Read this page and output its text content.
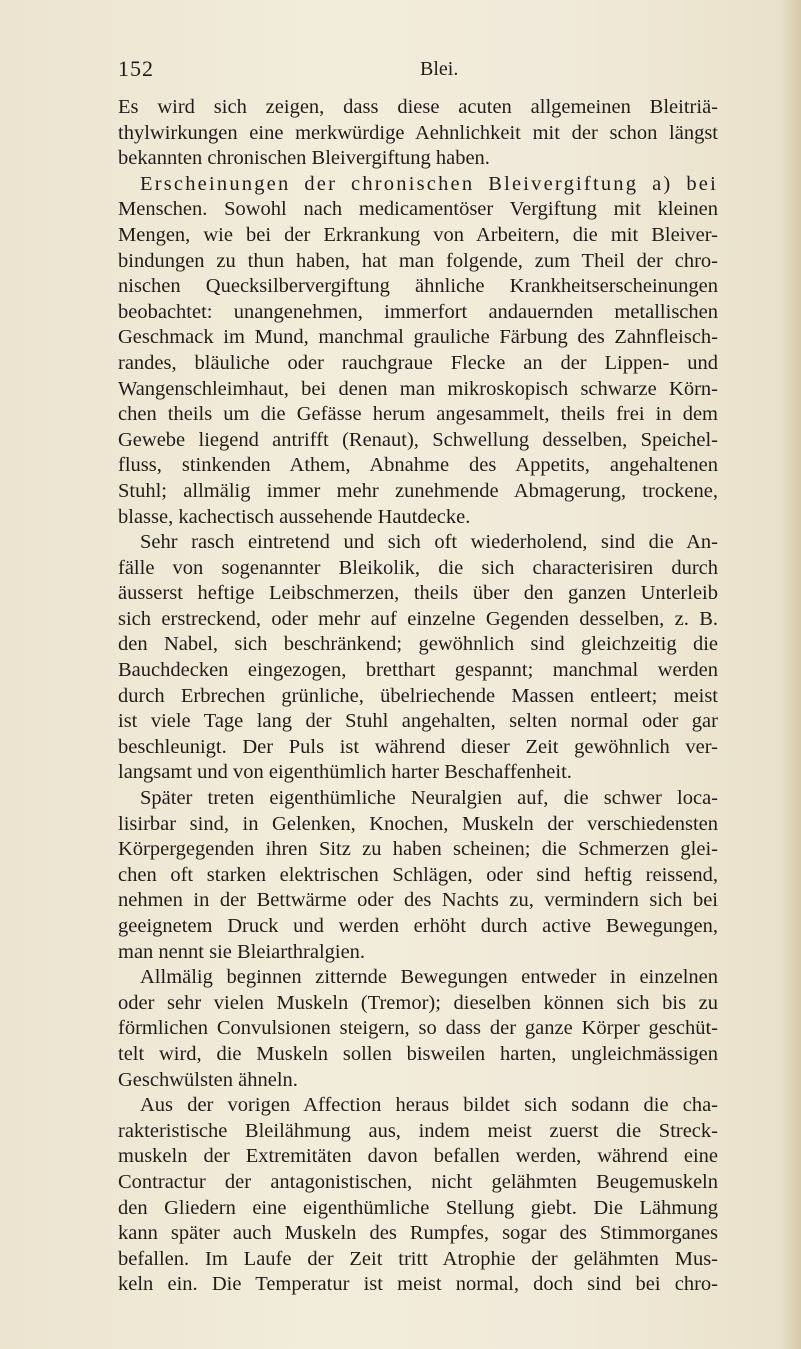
152	Blei.
Es wird sich zeigen, dass diese acuten allgemeinen Bleitriä-
thylwirkungen eine merkwürdige Aehnlichkeit mit der schon längst
bekannten chronischen Bleivergiftung haben.
Erscheinungen der chronischen Bleivergiftung a) bei
Menschen. Sowohl nach medicamentöser Vergiftung mit kleinen
Mengen, wie bei der Erkrankung von Arbeitern, die mit Bleiver-
bindungen zu thun haben, hat man folgende, zum Theil der chro-
nischen Quecksilbervergiftung ähnliche Krankheitserscheinungen
beobachtet: unangenehmen, immerfort andauernden metallischen
Geschmack im Mund, manchmal grauliche Färbung des Zahnfleisch-
randes, bläuliche oder rauchgraue Flecke an der Lippen- und
Wangenschleimhaut, bei denen man mikroskopisch schwarze Körn-
chen theils um die Gefässe herum angesammelt, theils frei in dem
Gewebe liegend antrifft (Renaut), Schwellung desselben, Speichel-
fluss, stinkenden Athem, Abnahme des Appetits, angehaltenen
Stuhl; allmälig immer mehr zunehmende Abmagerung, trockene,
blasse, kachectisch aussehende Hautdecke.
Sehr rasch eintretend und sich oft wiederholend, sind die An-
fälle von sogenannter Bleikolik, die sich characterisiren durch
äusserst heftige Leibschmerzen, theils über den ganzen Unterleib
sich erstreckend, oder mehr auf einzelne Gegenden desselben, z. B.
den Nabel, sich beschränkend; gewöhnlich sind gleichzeitig die
Bauchdecken eingezogen, bretthart gespannt; manchmal werden
durch Erbrechen grünliche, übelriechende Massen entleert; meist
ist viele Tage lang der Stuhl angehalten, selten normal oder gar
beschleunigt. Der Puls ist während dieser Zeit gewöhnlich ver-
langsamt und von eigenthümlich harter Beschaffenheit.
Später treten eigenthümliche Neuralgien auf, die schwer loca-
lisirbar sind, in Gelenken, Knochen, Muskeln der verschiedensten
Körpergegenden ihren Sitz zu haben scheinen; die Schmerzen glei-
chen oft starken elektrischen Schlägen, oder sind heftig reissend,
nehmen in der Bettwärme oder des Nachts zu, vermindern sich bei
geeignetem Druck und werden erhöht durch active Bewegungen,
man nennt sie Bleiarthralgien.
Allmälig beginnen zitternde Bewegungen entweder in einzelnen
oder sehr vielen Muskeln (Tremor); dieselben können sich bis zu
förmlichen Convulsionen steigern, so dass der ganze Körper geschüt-
telt wird, die Muskeln sollen bisweilen harten, ungleichmässigen
Geschwülsten ähneln.
Aus der vorigen Affection heraus bildet sich sodann die cha-
rakteristische Bleilähmung aus, indem meist zuerst die Streck-
muskeln der Extremitäten davon befallen werden, während eine
Contractur der antagonistischen, nicht gelähmten Beugemuskeln
den Gliedern eine eigenthümliche Stellung giebt. Die Lähmung
kann später auch Muskeln des Rumpfes, sogar des Stimmorganes
befallen. Im Laufe der Zeit tritt Atrophie der gelähmten Mus-
keln ein. Die Temperatur ist meist normal, doch sind bei chro-
